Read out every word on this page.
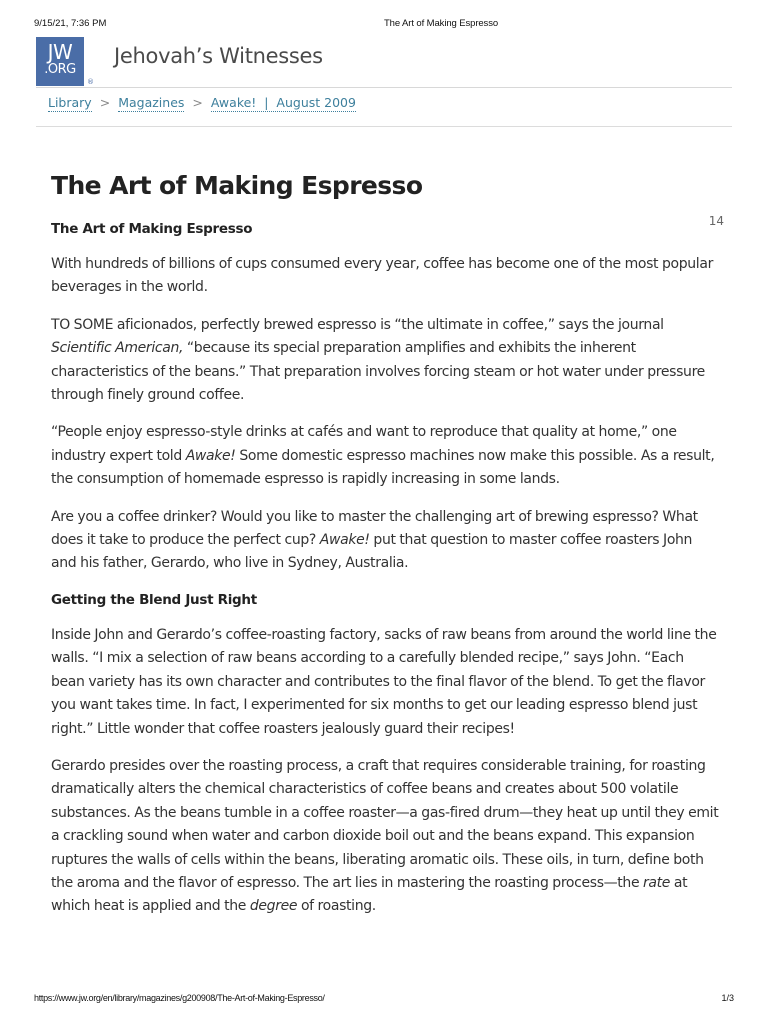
9/15/21, 7:36 PM	The Art of Making Espresso
JW
.ORG
®
Jehovah’s Witnesses
Library > Magazines > Awake!  |  August 2009
The Art of Making Espresso
The Art of Making Espresso	14

With hundreds of billions of cups consumed every year, coffee has become one of the most popular beverages in the world.

TO SOME aficionados, perfectly brewed espresso is “the ultimate in coffee,” says the journal Scientific American, “because its special preparation amplifies and exhibits the inherent characteristics of the beans.” That preparation involves forcing steam or hot water under pressure through finely ground coffee.

“People enjoy espresso-style drinks at cafés and want to reproduce that quality at home,” one industry expert told Awake! Some domestic espresso machines now make this possible. As a result, the consumption of homemade espresso is rapidly increasing in some lands.

Are you a coffee drinker? Would you like to master the challenging art of brewing espresso? What does it take to produce the perfect cup? Awake! put that question to master coffee roasters John and his father, Gerardo, who live in Sydney, Australia.

Getting the Blend Just Right

Inside John and Gerardo’s coffee-roasting factory, sacks of raw beans from around the world line the walls. “I mix a selection of raw beans according to a carefully blended recipe,” says John. “Each bean variety has its own character and contributes to the final flavor of the blend. To get the flavor you want takes time. In fact, I experimented for six months to get our leading espresso blend just right.” Little wonder that coffee roasters jealously guard their recipes!

Gerardo presides over the roasting process, a craft that requires considerable training, for roasting dramatically alters the chemical characteristics of coffee beans and creates about 500 volatile substances. As the beans tumble in a coffee roaster—a gas-fired drum—they heat up until they emit a crackling sound when water and carbon dioxide boil out and the beans expand. This expansion ruptures the walls of cells within the beans, liberating aromatic oils. These oils, in turn, define both the aroma and the flavor of espresso. The art lies in mastering the roasting process—the rate at which heat is applied and the degree of roasting.

https://www.jw.org/en/library/magazines/g200908/The-Art-of-Making-Espresso/	1/3
